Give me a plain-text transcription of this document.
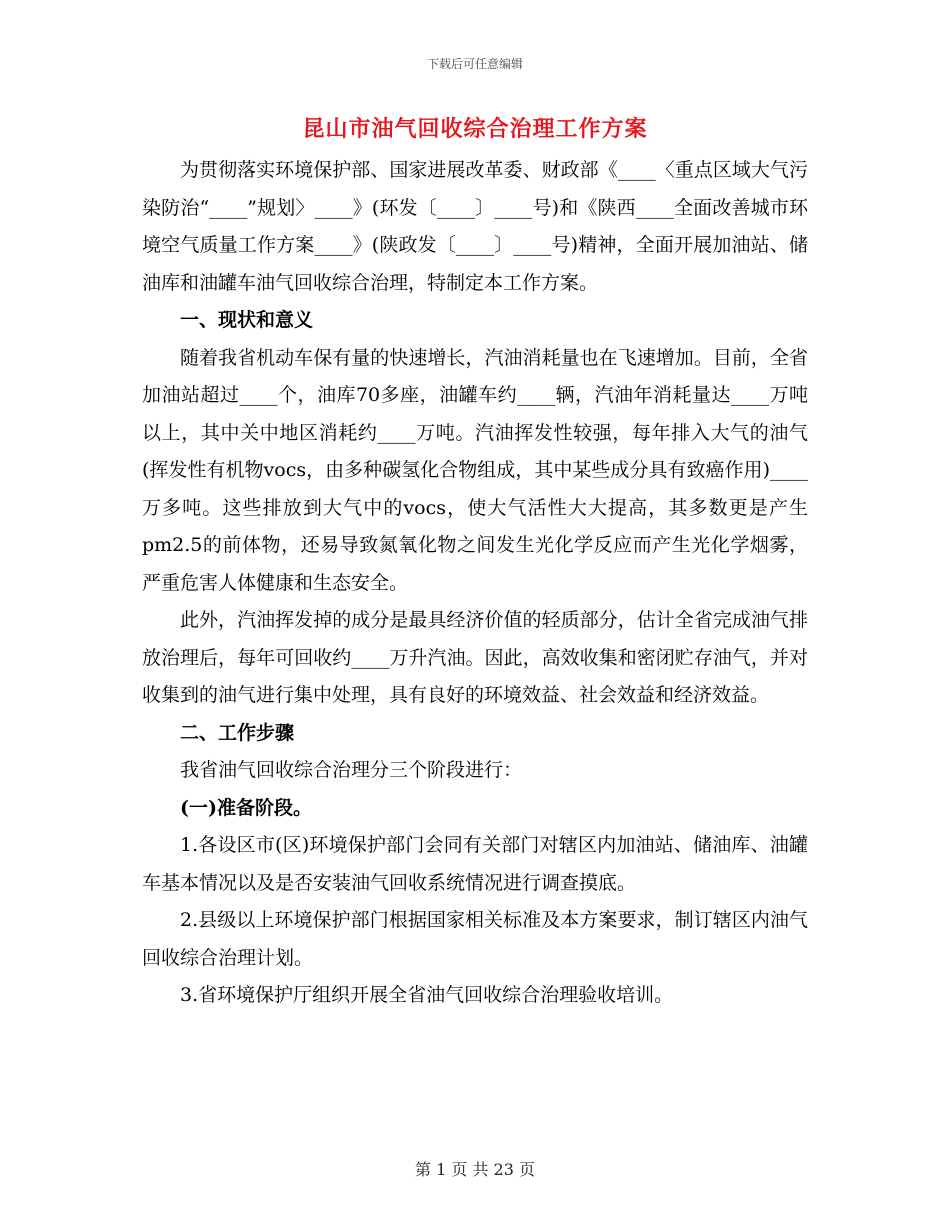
下载后可任意编辑
昆山市油气回收综合治理工作方案

为贯彻落实环境保护部、国家进展改革委、财政部《____〈重点区域大气污染防治“____”规划〉____》(环发〔____〕____号)和《陕西____全面改善城市环境空气质量工作方案____》(陕政发〔____〕____号)精神，全面开展加油站、储油库和油罐车油气回收综合治理，特制定本工作方案。

一、现状和意义

随着我省机动车保有量的快速增长，汽油消耗量也在飞速增加。目前，全省加油站超过____个，油库70多座，油罐车约____辆，汽油年消耗量达____万吨以上，其中关中地区消耗约____万吨。汽油挥发性较强，每年排入大气的油气(挥发性有机物vocs，由多种碳氢化合物组成，其中某些成分具有致癌作用)____万多吨。这些排放到大气中的vocs，使大气活性大大提高，其多数更是产生pm2.5的前体物，还易导致氮氧化物之间发生光化学反应而产生光化学烟雾，严重危害人体健康和生态安全。

此外，汽油挥发掉的成分是最具经济价值的轻质部分，估计全省完成油气排放治理后，每年可回收约____万升汽油。因此，高效收集和密闭贮存油气，并对收集到的油气进行集中处理，具有良好的环境效益、社会效益和经济效益。

二、工作步骤

我省油气回收综合治理分三个阶段进行：

(一)准备阶段。

1.各设区市(区)环境保护部门会同有关部门对辖区内加油站、储油库、油罐车基本情况以及是否安装油气回收系统情况进行调查摸底。

2.县级以上环境保护部门根据国家相关标准及本方案要求，制订辖区内油气回收综合治理计划。

3.省环境保护厅组织开展全省油气回收综合治理验收培训。

第 1 页 共 23 页
